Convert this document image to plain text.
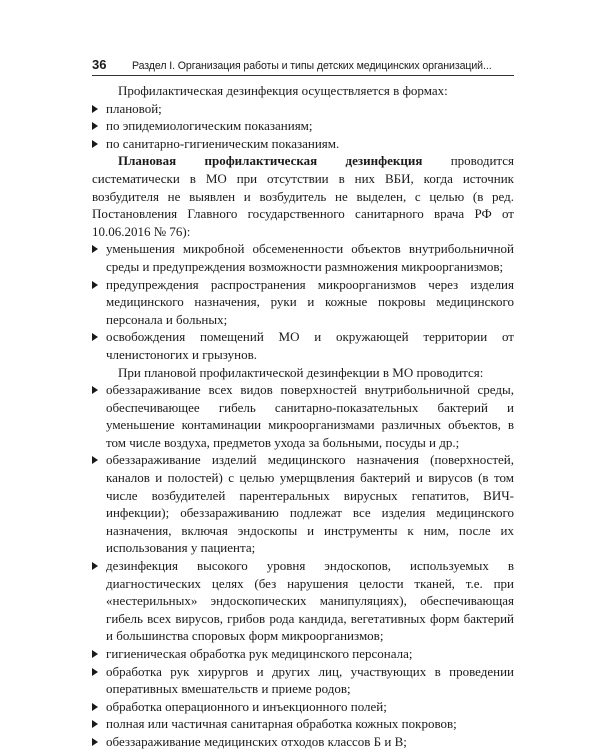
36	Раздел I. Организация работы и типы детских медицинских организаций...

Профилактическая дезинфекция осуществляется в формах:

плановой;
по эпидемиологическим показаниям;
по санитарно-гигиеническим показаниям.

Плановая профилактическая дезинфекция проводится систематически в МО при отсутствии в них ВБИ, когда источник возбудителя не выявлен и возбудитель не выделен, с целью (в ред. Постановления Главного государственного санитарного врача РФ от 10.06.2016 № 76):

уменьшения микробной обсемененности объектов внутрибольничной среды и предупреждения возможности размножения микроорганизмов;
предупреждения распространения микроорганизмов через изделия медицинского назначения, руки и кожные покровы медицинского персонала и больных;
освобождения помещений МО и окружающей территории от членистоногих и грызунов.

При плановой профилактической дезинфекции в МО проводится:

обеззараживание всех видов поверхностей внутрибольничной среды, обеспечивающее гибель санитарно-показательных бактерий и уменьшение контаминации микроорганизмами различных объектов, в том числе воздуха, предметов ухода за больными, посуды и др.;
обеззараживание изделий медицинского назначения (поверхностей, каналов и полостей) с целью умерщвления бактерий и вирусов (в том числе возбудителей парентеральных вирусных гепатитов, ВИЧ-инфекции); обеззараживанию подлежат все изделия медицинского назначения, включая эндоскопы и инструменты к ним, после их использования у пациента;
дезинфекция высокого уровня эндоскопов, используемых в диагностических целях (без нарушения целости тканей, т.е. при «нестерильных» эндоскопических манипуляциях), обеспечивающая гибель всех вирусов, грибов рода кандида, вегетативных форм бактерий и большинства споровых форм микроорганизмов;
гигиеническая обработка рук медицинского персонала;
обработка рук хирургов и других лиц, участвующих в проведении оперативных вмешательств и приеме родов;
обработка операционного и инъекционного полей;
полная или частичная санитарная обработка кожных покровов;
обеззараживание медицинских отходов классов Б и В;
